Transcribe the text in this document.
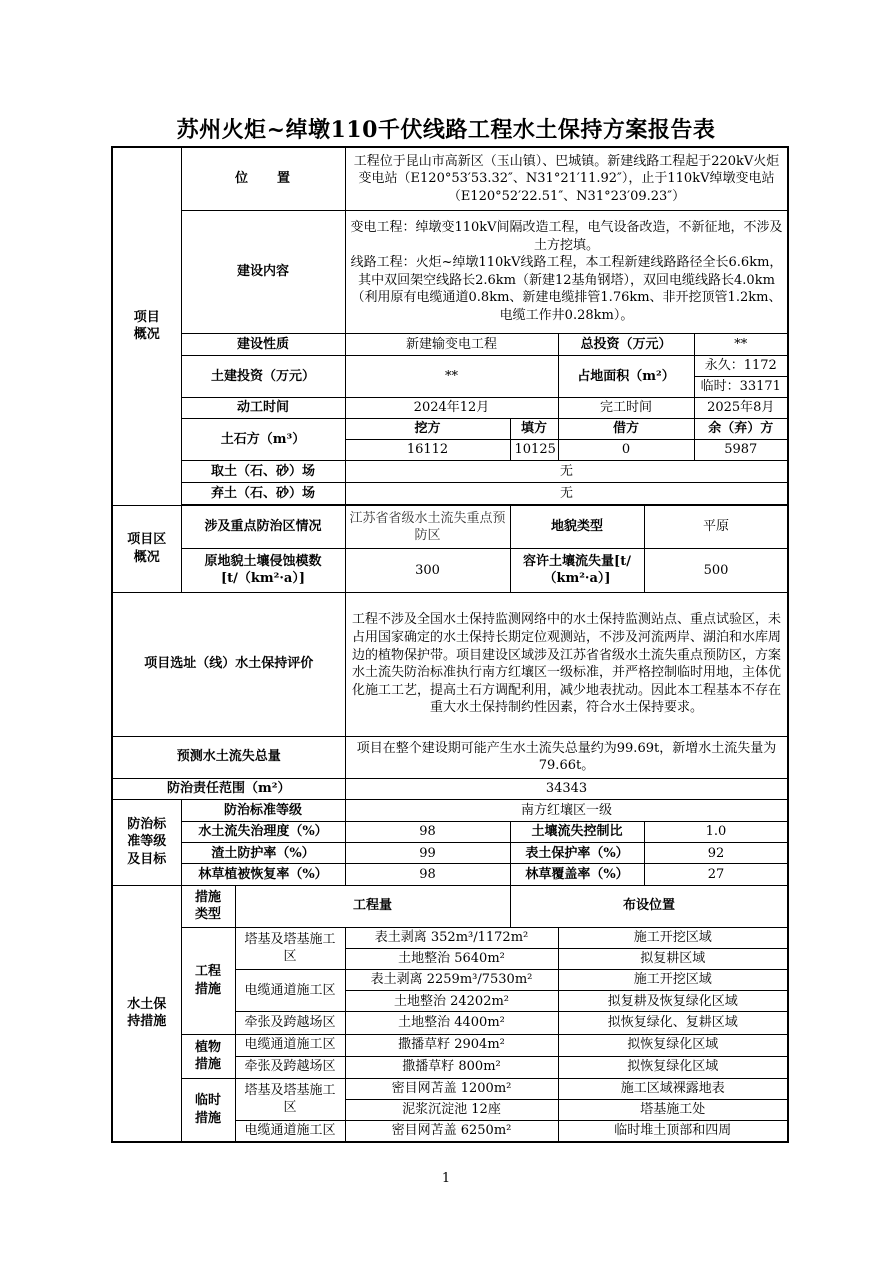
苏州火炬~绰墩110千伏线路工程水土保持方案报告表
项目
概况	位　　置		工程位于昆山市高新区（玉山镇）、巴城镇。新建线路工程起于220kV火炬变电站（E120°53′53.32″、N31°21′11.92″），止于110kV绰墩变电站（E120°52′22.51″、N31°23′09.23″）				
	建设内容		变电工程：绰墩变110kV间隔改造工程，电气设备改造，不新征地，不涉及土方挖填。
线路工程：火炬~绰墩110kV线路工程，本工程新建线路路径全长6.6km，其中双回架空线路长2.6km（新建12基角钢塔），双回电缆线路长4.0km（利用原有电缆通道0.8km、新建电缆排管1.76km、非开挖顶管1.2km、电缆工作井0.28km）。				
	建设性质		新建输变电工程		总投资（万元）		**
	土建投资（万元）		**		占地面积（m²）		永久：1172
							临时：33171
	动工时间		2024年12月		完工时间		2025年8月
	土石方（m³）		挖方	填方	借方		余（弃）方
			16112	10125	0		5987
	取土（石、砂）场		无				
	弃土（石、砂）场		无				

项目区
概况	涉及重点防治区情况		江苏省省级水土流失重点预防区	地貌类型		平原	
	原地貌土壤侵蚀模数
[t/（km²·a）]		300	容许土壤流失量[t/（km²·a）]		500	
项目选址（线）水土保持评价			工程不涉及全国水土保持监测网络中的水土保持监测站点、重点试验区，未占用国家确定的水土保持长期定位观测站，不涉及河流两岸、湖泊和水库周边的植物保护带。项目建设区域涉及江苏省省级水土流失重点预防区，方案水土流失防治标准执行南方红壤区一级标准，并严格控制临时用地，主体优化施工工艺，提高土石方调配利用，减少地表扰动。因此本工程基本不存在重大水土保持制约性因素，符合水土保持要求。				
预测水土流失总量			项目在整个建设期可能产生水土流失总量约为99.69t，新增水土流失量为79.66t。				
防治责任范围（m²）			34343				
防治标
准等级
及目标	防治标准等级		南方红壤区一级				
	水土流失治理度（%）		98	土壤流失控制比		1.0	
	渣土防护率（%）		99	表土保护率（%）		92	
	林草植被恢复率（%）		98	林草覆盖率（%）		27	
水土保
持措施	措施
类型	工程量		布设位置			
	工程
措施	塔基及塔基施工区	表土剥离 352m³/1172m²		施工开挖区域		
			土地整治 5640m²		拟复耕区域		
		电缆通道施工区	表土剥离 2259m³/7530m²		施工开挖区域		
			土地整治 24202m²		拟复耕及恢复绿化区域		
		牵张及跨越场区	土地整治 4400m²		拟恢复绿化、复耕区域		
	植物
措施	电缆通道施工区	撒播草籽 2904m²		拟恢复绿化区域		
		牵张及跨越场区	撒播草籽 800m²		拟恢复绿化区域		
	临时
措施	塔基及塔基施工区	密目网苫盖 1200m²		施工区域裸露地表		
			泥浆沉淀池 12座		塔基施工处		
		电缆通道施工区	密目网苫盖 6250m²		临时堆土顶部和四周		
1
